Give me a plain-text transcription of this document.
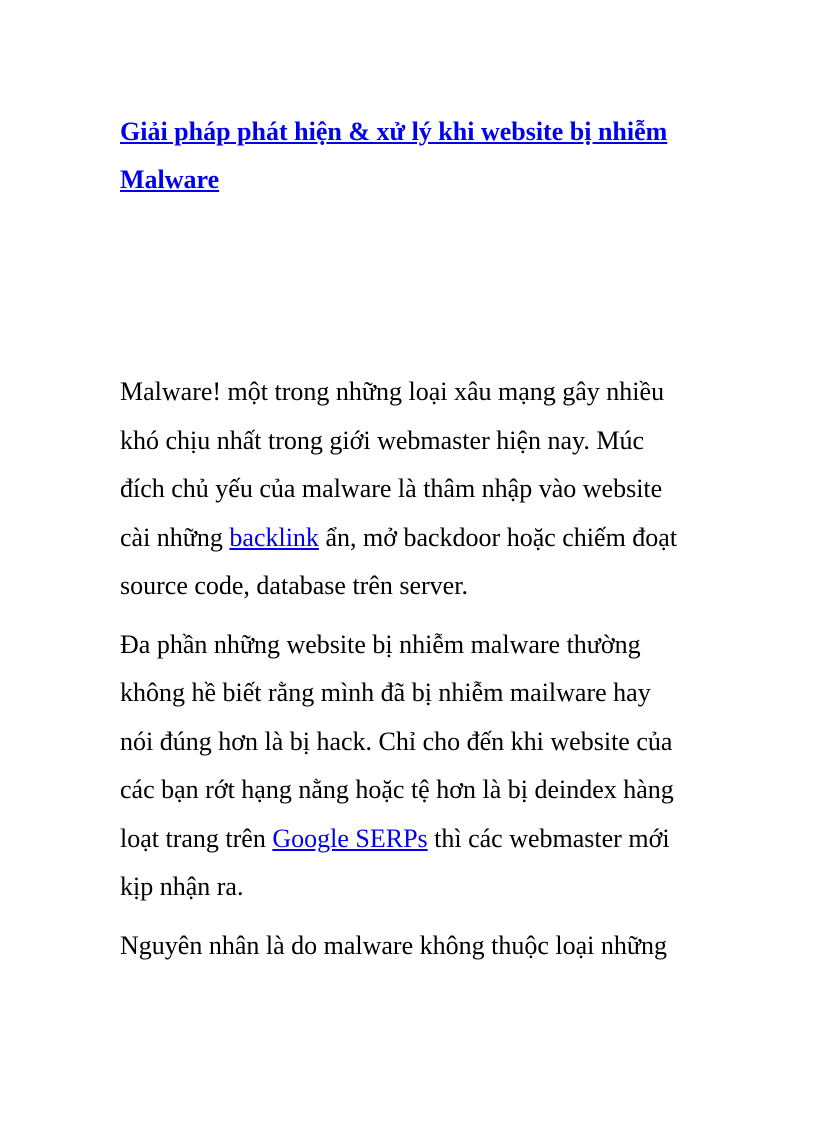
Giải pháp phát hiện & xử lý khi website bị nhiễm
Malware

Malware! một trong những loại xâu mạng gây nhiều
khó chịu nhất trong giới webmaster hiện nay. Múc
đích chủ yếu của malware là thâm nhập vào website
cài những backlink ẩn, mở backdoor hoặc chiếm đoạt
source code, database trên server.

Đa phần những website bị nhiễm malware thường
không hề biết rằng mình đã bị nhiễm mailware hay
nói đúng hơn là bị hack. Chỉ cho đến khi website của
các bạn rớt hạng nằng hoặc tệ hơn là bị deindex hàng
loạt trang trên Google SERPs thì các webmaster mới
kịp nhận ra.

Nguyên nhân là do malware không thuộc loại những
